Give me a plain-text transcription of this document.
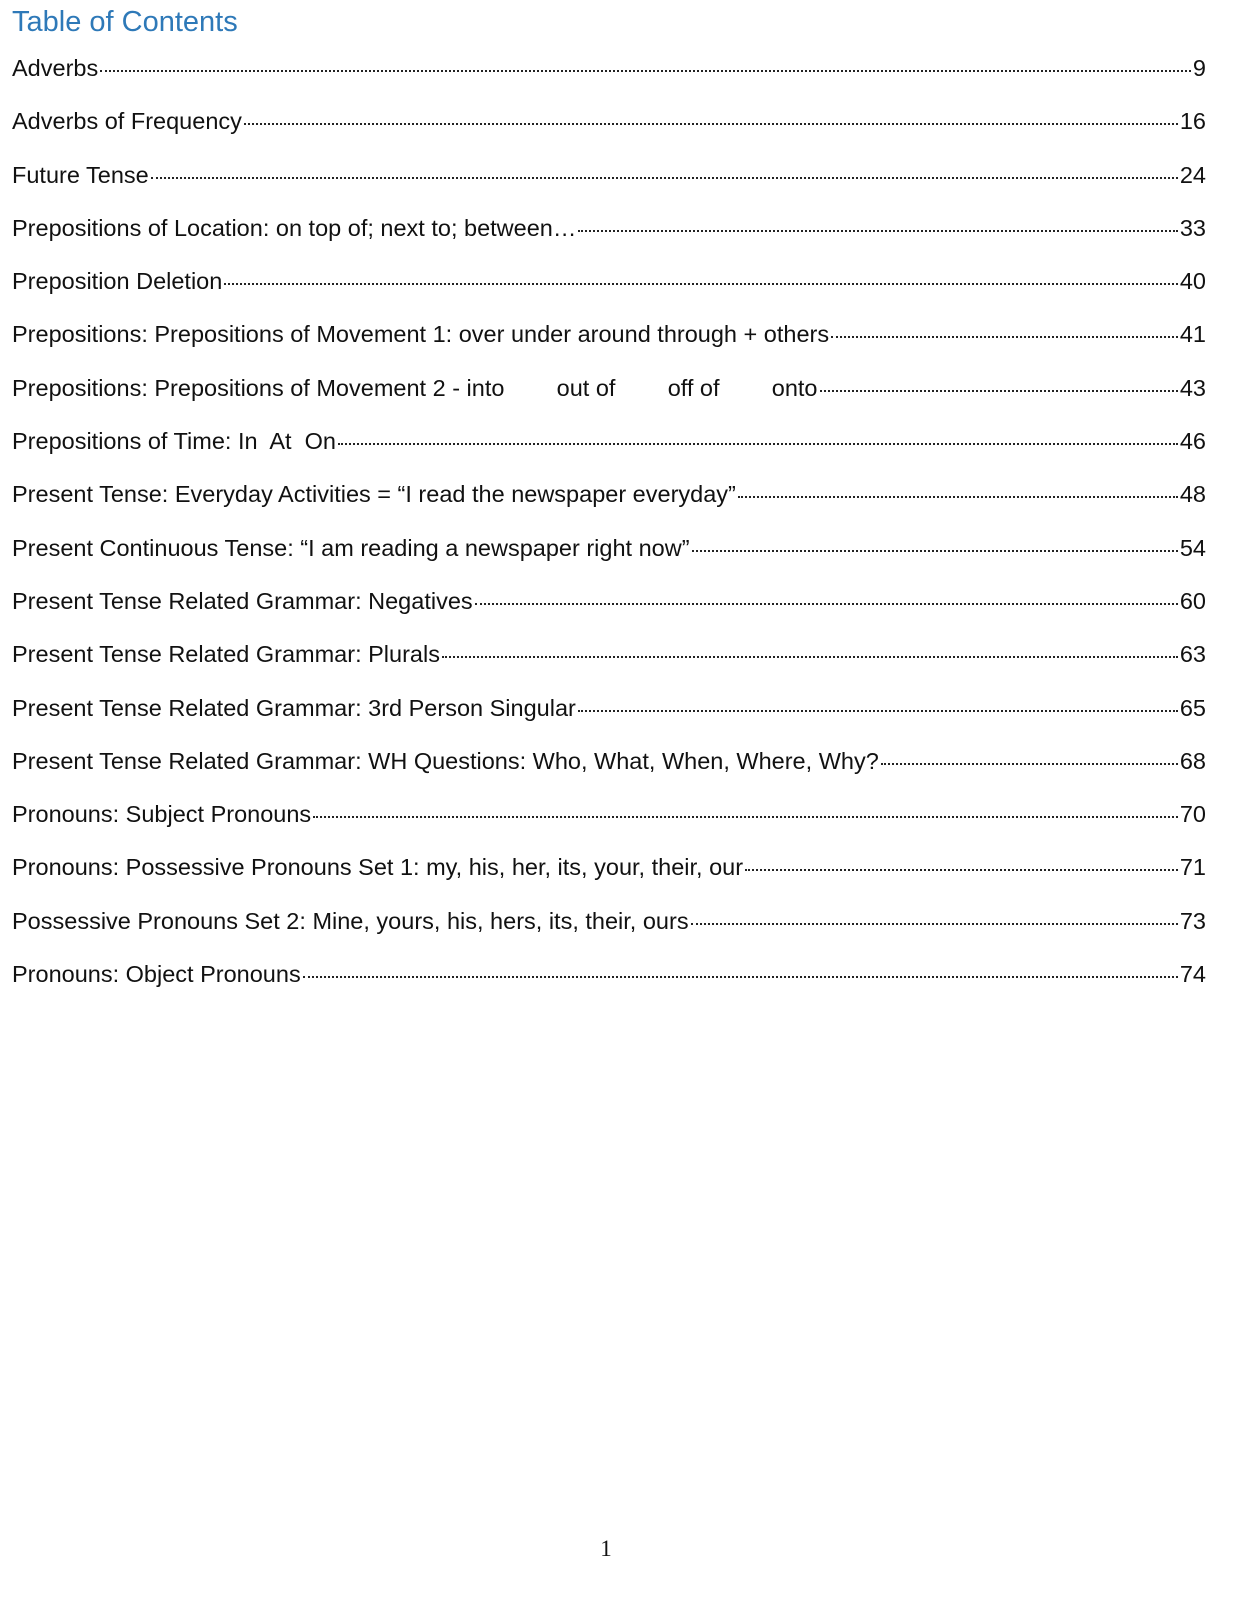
Table of Contents
Adverbs	9
Adverbs of Frequency	16
Future Tense	24
Prepositions of Location: on top of; next to; between…	33
Preposition Deletion	40
Prepositions: Prepositions of Movement 1: over under around through + others	41
Prepositions: Prepositions of Movement 2 - into        out of        off of        onto	43
Prepositions of Time: In  At  On	46
Present Tense: Everyday Activities = “I read the newspaper everyday”	48
Present Continuous Tense: “I am reading a newspaper right now”	54
Present Tense Related Grammar: Negatives	60
Present Tense Related Grammar: Plurals	63
Present Tense Related Grammar: 3rd Person Singular	65
Present Tense Related Grammar: WH Questions: Who, What, When, Where, Why?	68
Pronouns: Subject Pronouns	70
Pronouns: Possessive Pronouns Set 1: my, his, her, its, your, their, our	71
Possessive Pronouns Set 2: Mine, yours, his, hers, its, their, ours	73
Pronouns: Object Pronouns	74
1
